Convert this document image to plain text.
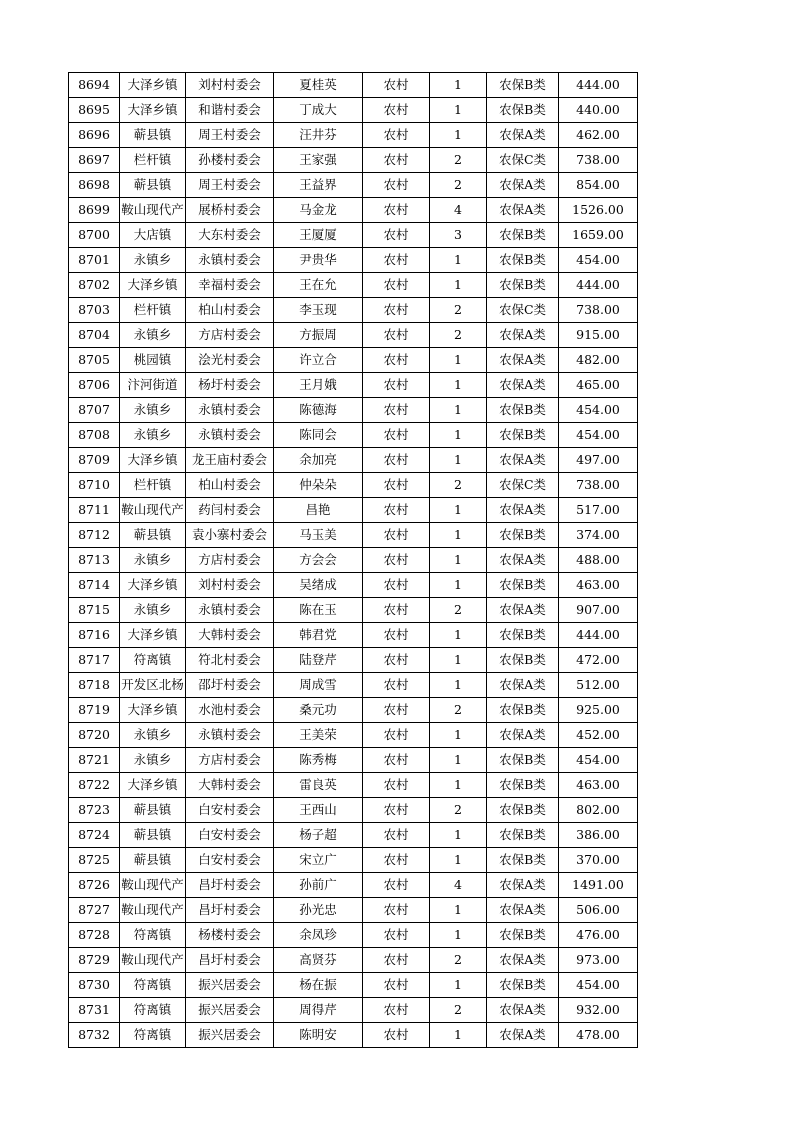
8694	大泽乡镇	刘村村委会	夏桂英	农村	1	农保B类	444.00
8695	大泽乡镇	和谐村委会	丁成大	农村	1	农保B类	440.00
8696	蕲县镇	周王村委会	汪井芬	农村	1	农保A类	462.00
8697	栏杆镇	孙楼村委会	王家强	农村	2	农保C类	738.00
8698	蕲县镇	周王村委会	王益界	农村	2	农保A类	854.00
8699	鞍山现代产	展桥村委会	马金龙	农村	4	农保A类	1526.00
8700	大店镇	大东村委会	王厦厦	农村	3	农保B类	1659.00
8701	永镇乡	永镇村委会	尹贵华	农村	1	农保B类	454.00
8702	大泽乡镇	幸福村委会	王在允	农村	1	农保B类	444.00
8703	栏杆镇	柏山村委会	李玉现	农村	2	农保C类	738.00
8704	永镇乡	方店村委会	方振周	农村	2	农保A类	915.00
8705	桃园镇	浍光村委会	许立合	农村	1	农保A类	482.00
8706	汴河街道	杨圩村委会	王月娥	农村	1	农保A类	465.00
8707	永镇乡	永镇村委会	陈德海	农村	1	农保B类	454.00
8708	永镇乡	永镇村委会	陈同会	农村	1	农保B类	454.00
8709	大泽乡镇	龙王庙村委会	余加亮	农村	1	农保A类	497.00
8710	栏杆镇	柏山村委会	仲朵朵	农村	2	农保C类	738.00
8711	鞍山现代产	药闫村委会	昌艳	农村	1	农保A类	517.00
8712	蕲县镇	袁小寨村委会	马玉美	农村	1	农保B类	374.00
8713	永镇乡	方店村委会	方会会	农村	1	农保A类	488.00
8714	大泽乡镇	刘村村委会	吴绪成	农村	1	农保B类	463.00
8715	永镇乡	永镇村委会	陈在玉	农村	2	农保A类	907.00
8716	大泽乡镇	大韩村委会	韩君党	农村	1	农保B类	444.00
8717	符离镇	符北村委会	陆登芹	农村	1	农保B类	472.00
8718	开发区北杨	邵圩村委会	周成雪	农村	1	农保A类	512.00
8719	大泽乡镇	水池村委会	桑元功	农村	2	农保B类	925.00
8720	永镇乡	永镇村委会	王美荣	农村	1	农保A类	452.00
8721	永镇乡	方店村委会	陈秀梅	农村	1	农保B类	454.00
8722	大泽乡镇	大韩村委会	雷良英	农村	1	农保B类	463.00
8723	蕲县镇	白安村委会	王西山	农村	2	农保B类	802.00
8724	蕲县镇	白安村委会	杨子超	农村	1	农保B类	386.00
8725	蕲县镇	白安村委会	宋立广	农村	1	农保B类	370.00
8726	鞍山现代产	昌圩村委会	孙前广	农村	4	农保A类	1491.00
8727	鞍山现代产	昌圩村委会	孙光忠	农村	1	农保A类	506.00
8728	符离镇	杨楼村委会	余凤珍	农村	1	农保B类	476.00
8729	鞍山现代产	昌圩村委会	高贤芬	农村	2	农保A类	973.00
8730	符离镇	振兴居委会	杨在振	农村	1	农保B类	454.00
8731	符离镇	振兴居委会	周得芹	农村	2	农保A类	932.00
8732	符离镇	振兴居委会	陈明安	农村	1	农保A类	478.00
